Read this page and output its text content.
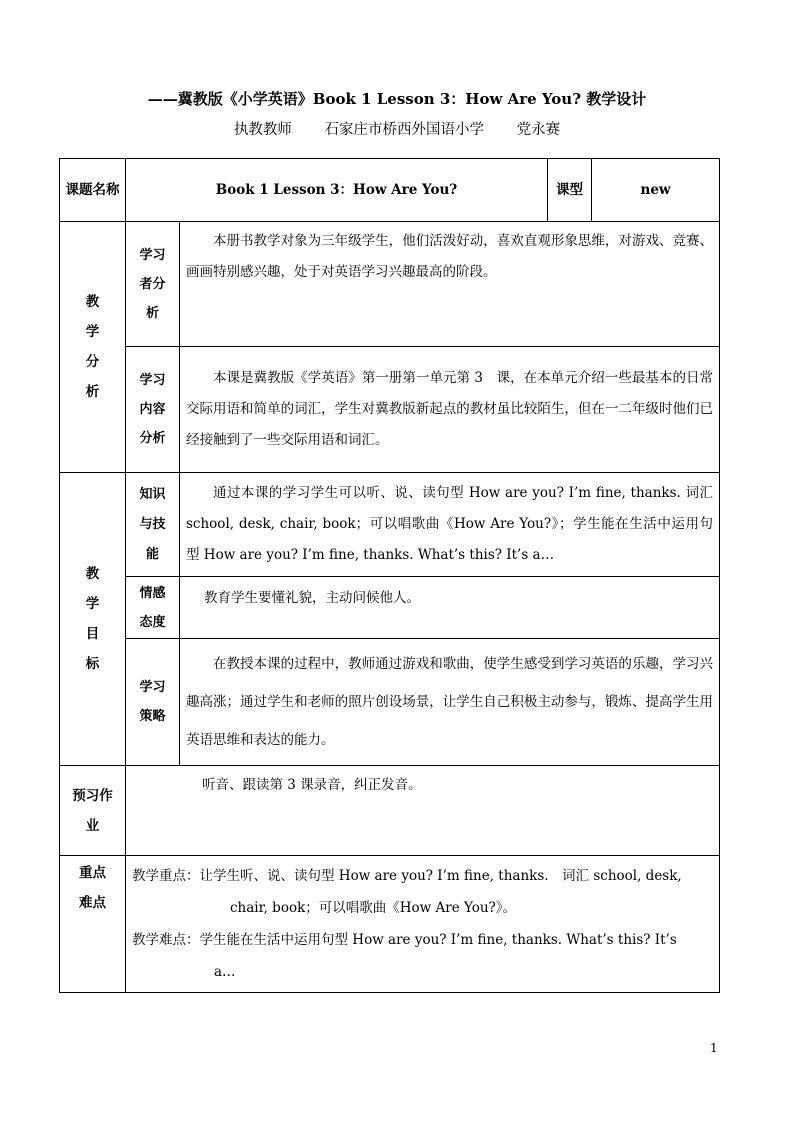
——冀教版《小学英语》Book 1 Lesson 3：How Are You? 教学设计
执教教师 石家庄市桥西外国语小学 党永赛
课题名称	Book 1 Lesson 3：How Are You?		课型	new

教学分析	学习者分析	本册书教学对象为三年级学生，他们活泼好动，喜欢直观形象思维，对游戏、竞赛、画画特别感兴趣，处于对英语学习兴趣最高的阶段。		

	学习内容分析	本课是冀教版《学英语》第一册第一单元第 3　课，在本单元介绍一些最基本的日常交际用语和简单的词汇，学生对冀教版新起点的教材虽比较陌生，但在一二年级时他们已经接触到了一些交际用语和词汇。		

教学目标	知识与技能	通过本课的学习学生可以听、说、读句型 How are you? I’m fine, thanks. 词汇 school, desk, chair, book；可以唱歌曲《How Are You?》；学生能在生活中运用句型 How are you? I’m fine, thanks. What’s this? It’s a…		

	情感态度	教育学生要懂礼貌，主动问候他人。		

	学习策略	在教授本课的过程中，教师通过游戏和歌曲，使学生感受到学习英语的乐趣，学习兴趣高涨；通过学生和老师的照片创设场景，让学生自己积极主动参与，锻炼、提高学生用英语思维和表达的能力。		

预习作业	听音、跟读第 3 课录音，纠正发音。			

重点难点	教学重点：让学生听、说、读句型 How are you? I’m fine, thanks.　词汇 school, desk,

chair, book；可以唱歌曲《How Are You?》。

教学难点：学生能在生活中运用句型 How are you? I’m fine, thanks. What’s this? It’s

a…			

1
